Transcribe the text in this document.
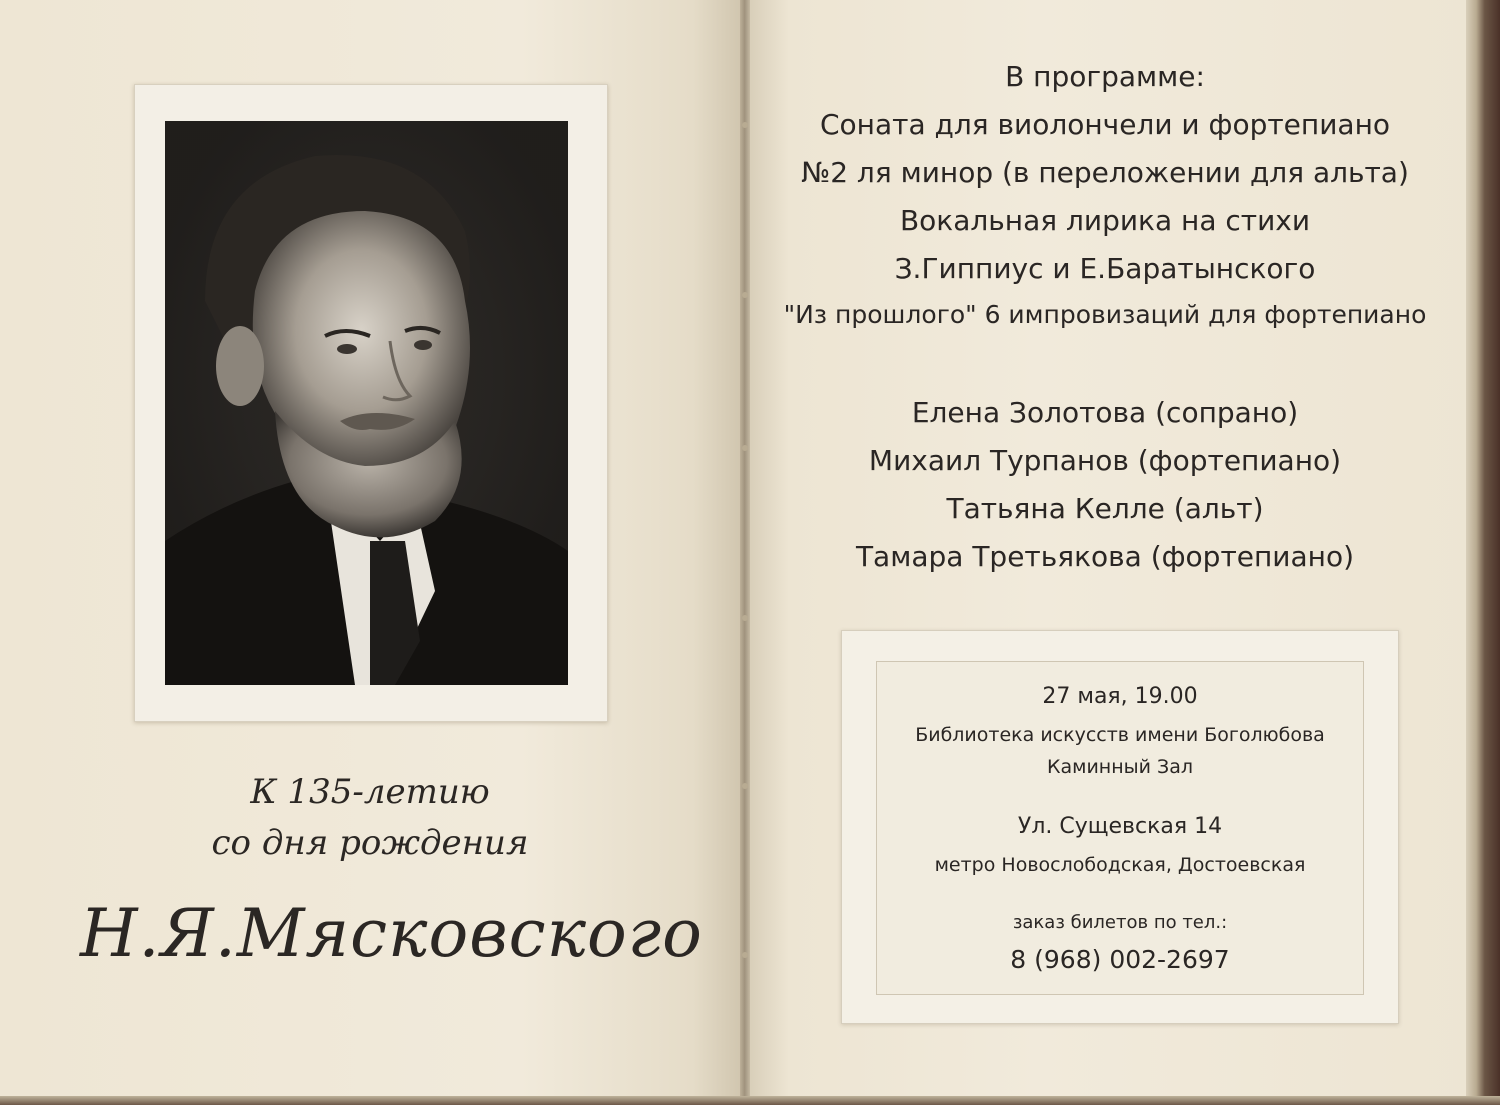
К 135-летию
со дня рождения
Н.Я.Мясковского
В программе:
Соната для виолончели и фортепиано
№2 ля минор (в переложении для альта)
Вокальная лирика на стихи
З.Гиппиус и Е.Баратынского
"Из прошлого" 6 импровизаций для фортепиано
Елена Золотова (сопрано)
Михаил Турпанов (фортепиано)
Татьяна Келле (альт)
Тамара Третьякова (фортепиано)
27 мая, 19.00
Библиотека искусств имени Боголюбова
Каминный Зал
Ул. Сущевская 14
метро Новослободская, Достоевская
заказ билетов по тел.:
8 (968) 002-2697
